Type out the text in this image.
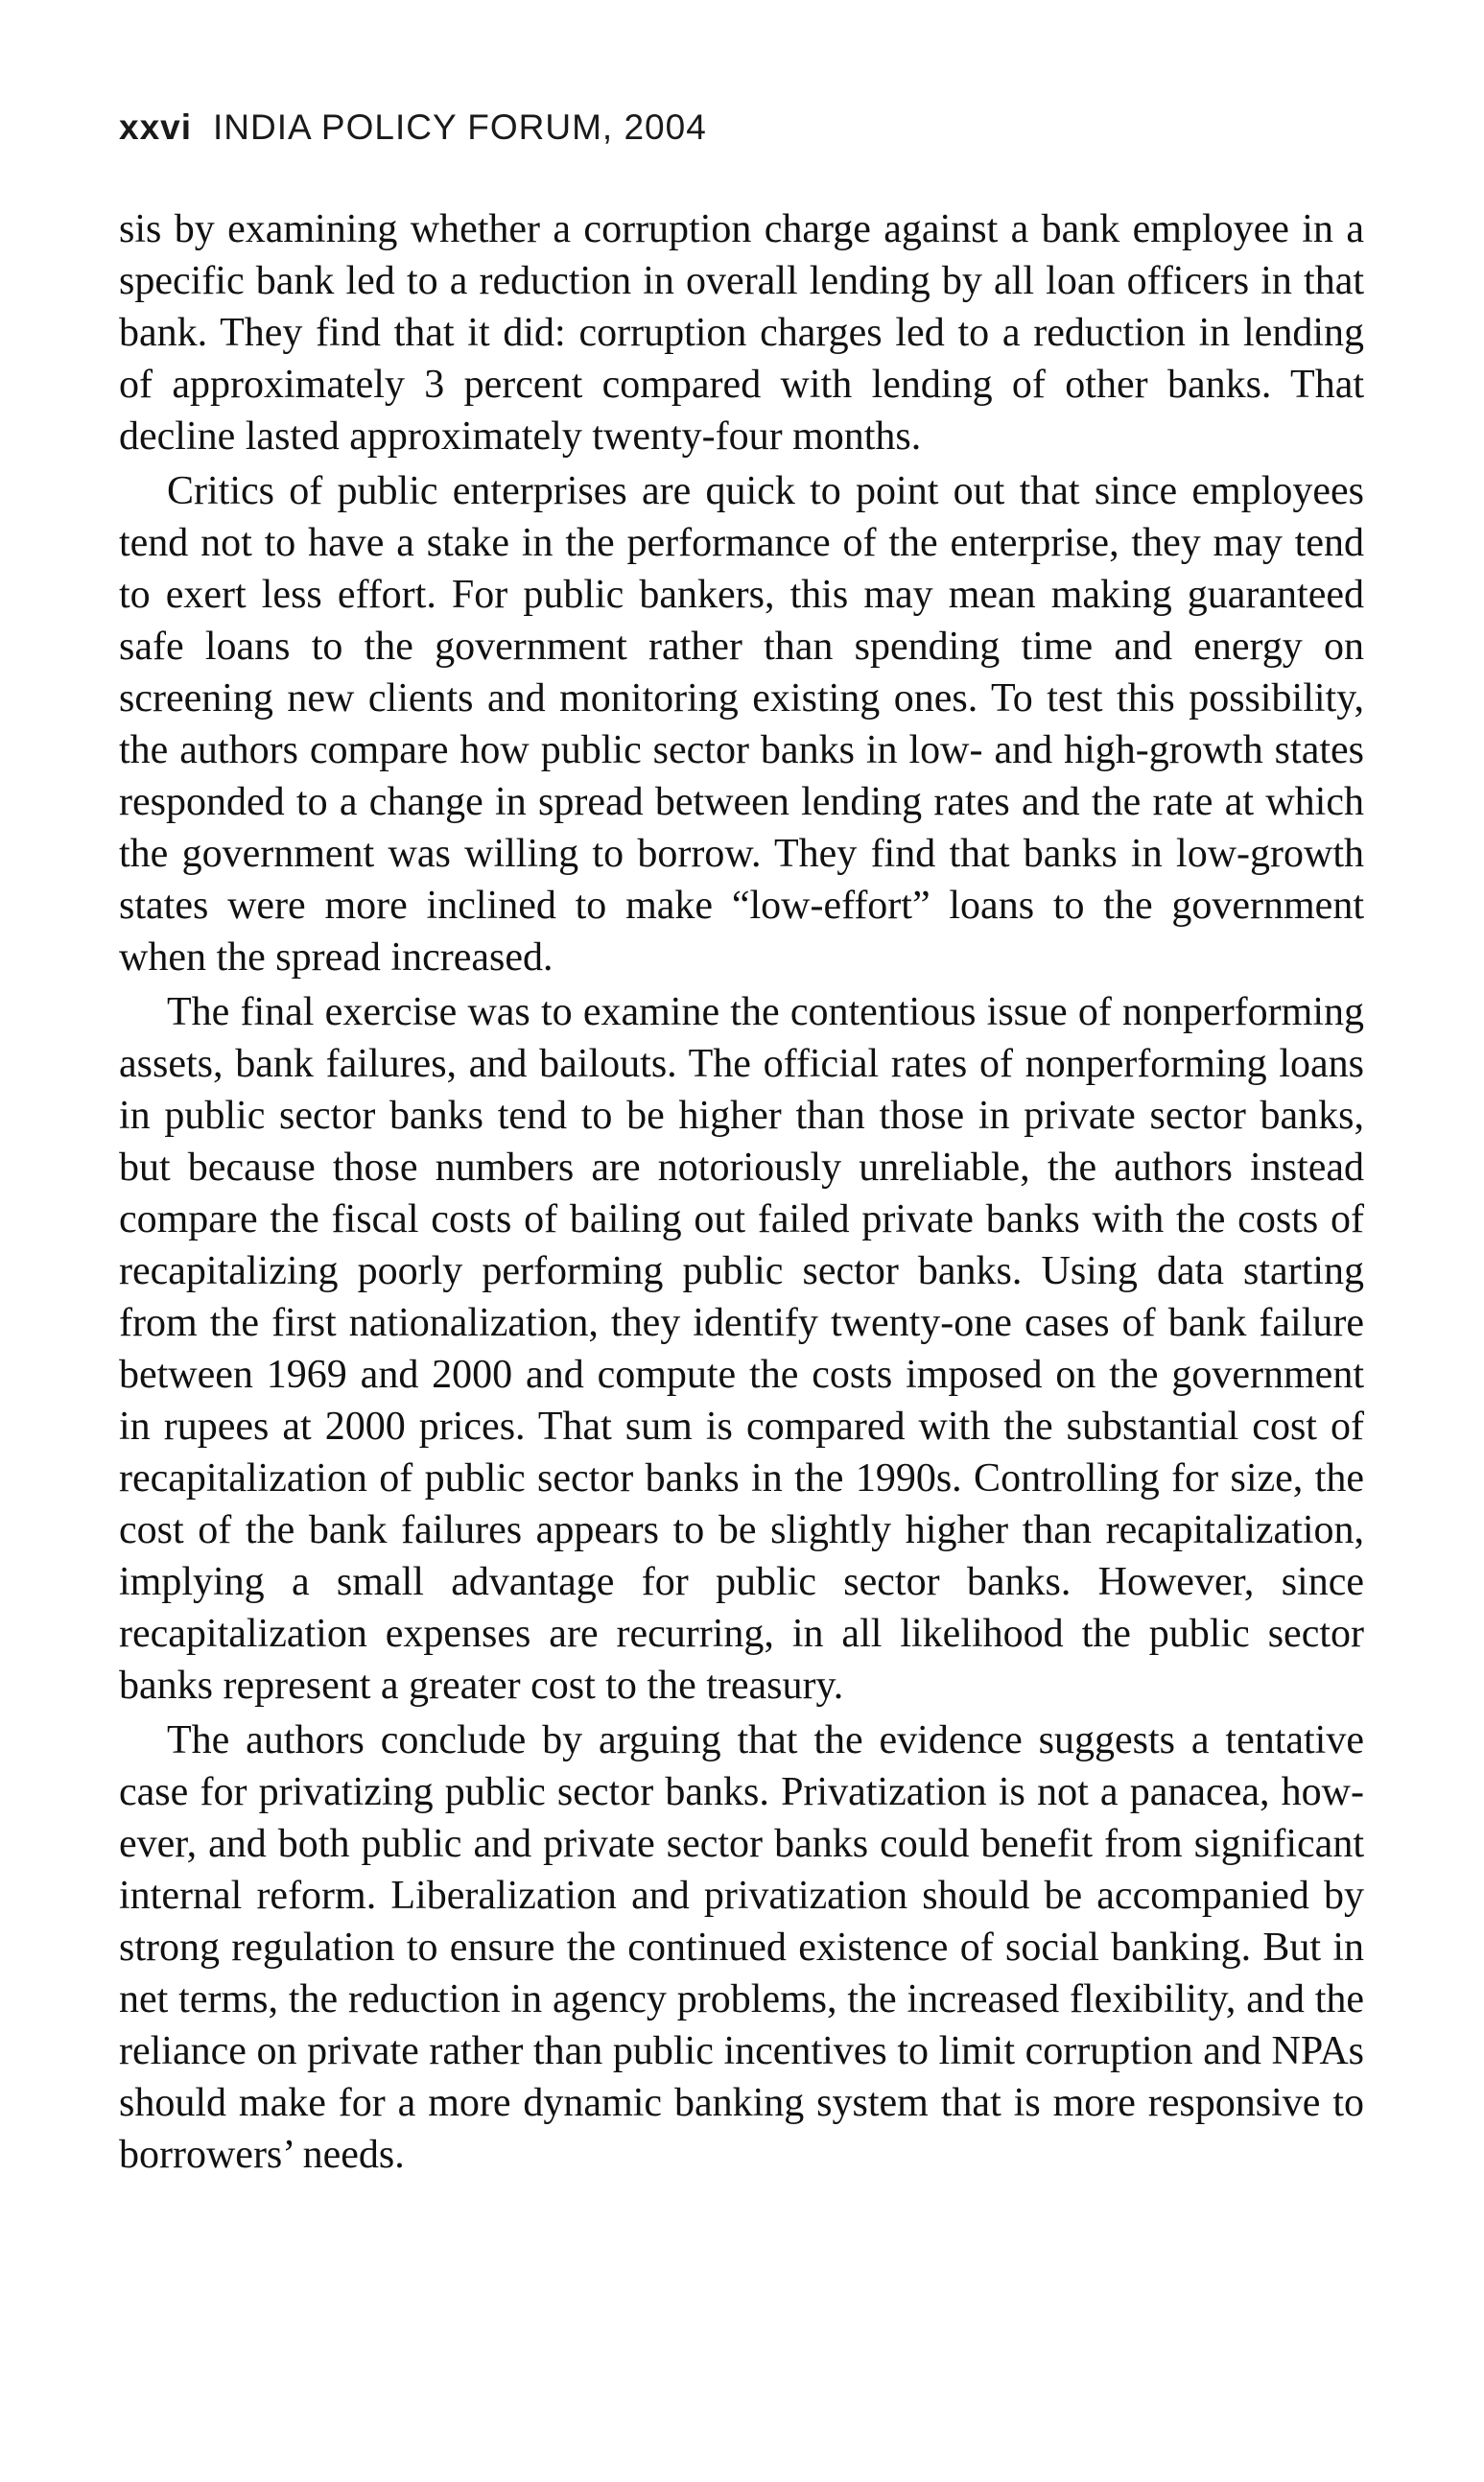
xxvi INDIA POLICY FORUM, 2004

sis by examining whether a corruption charge against a bank employee in a specific bank led to a reduction in overall lending by all loan officers in that bank. They find that it did: corruption charges led to a reduction in lending of approximately 3 percent compared with lending of other banks. That decline lasted approximately twenty-four months.

Critics of public enterprises are quick to point out that since employees tend not to have a stake in the performance of the enterprise, they may tend to exert less effort. For public bankers, this may mean making guaranteed safe loans to the government rather than spending time and energy on screening new clients and monitoring existing ones. To test this possibility, the authors compare how public sector banks in low- and high-growth states responded to a change in spread between lending rates and the rate at which the government was willing to borrow. They find that banks in low-growth states were more inclined to make “low-effort” loans to the government when the spread increased.

The final exercise was to examine the contentious issue of nonperforming assets, bank failures, and bailouts. The official rates of nonperforming loans in public sector banks tend to be higher than those in private sector banks, but because those numbers are notoriously unreliable, the authors instead compare the fiscal costs of bailing out failed private banks with the costs of recapitalizing poorly performing public sector banks. Using data starting from the first nationalization, they identify twenty-one cases of bank failure between 1969 and 2000 and compute the costs imposed on the government in rupees at 2000 prices. That sum is compared with the substantial cost of recapitalization of public sector banks in the 1990s. Controlling for size, the cost of the bank failures appears to be slightly higher than recapitalization, implying a small advantage for public sector banks. However, since recapitalization expenses are recurring, in all likelihood the public sector banks represent a greater cost to the treasury.

The authors conclude by arguing that the evidence suggests a tentative case for privatizing public sector banks. Privatization is not a panacea, however, and both public and private sector banks could benefit from significant internal reform. Liberalization and privatization should be accompanied by strong regulation to ensure the continued existence of social banking. But in net terms, the reduction in agency problems, the increased flexibility, and the reliance on private rather than public incentives to limit corruption and NPAs should make for a more dynamic banking system that is more responsive to borrowers’ needs.
